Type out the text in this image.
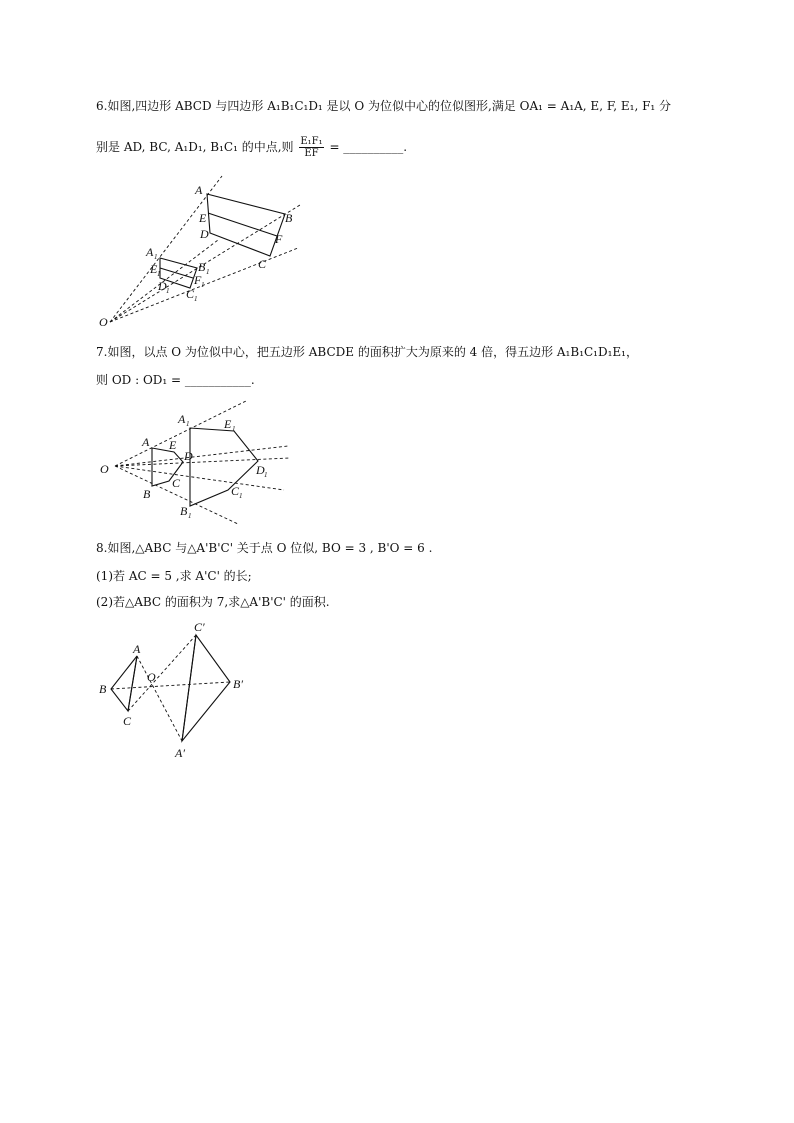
6.如图,四边形 ABCD 与四边形 A₁B₁C₁D₁ 是以 O 为位似中心的位似图形,满足 OA₁ = A₁A, E, F, E₁, F₁ 分
别是 AD, BC, A₁D₁, B₁C₁ 的中点,则 $\frac{\text{E₁F₁}}{EF}$ = __________.
A
B
C
D
E
F
O
A 1
B 1
C 1
D 1
E 1	F 1
7.如图，以点 O 为位似中心，把五边形 ABCDE 的面积扩大为原来的 4 倍，得五边形 A₁B₁C₁D₁E₁，
则 OD : OD₁ = ___________.
A
B
C
D
E
O
A 1
B 1
C 1
D 1
E 1
8.如图,△ABC 与△A'B'C' 关于点 O 位似, BO = 3 , B'O = 6 .
(1)若 AC = 5 ,求 A'C' 的长;
(2)若△ABC 的面积为 7,求△A'B'C' 的面积.
A
B
C
O
A′
B′
C′
